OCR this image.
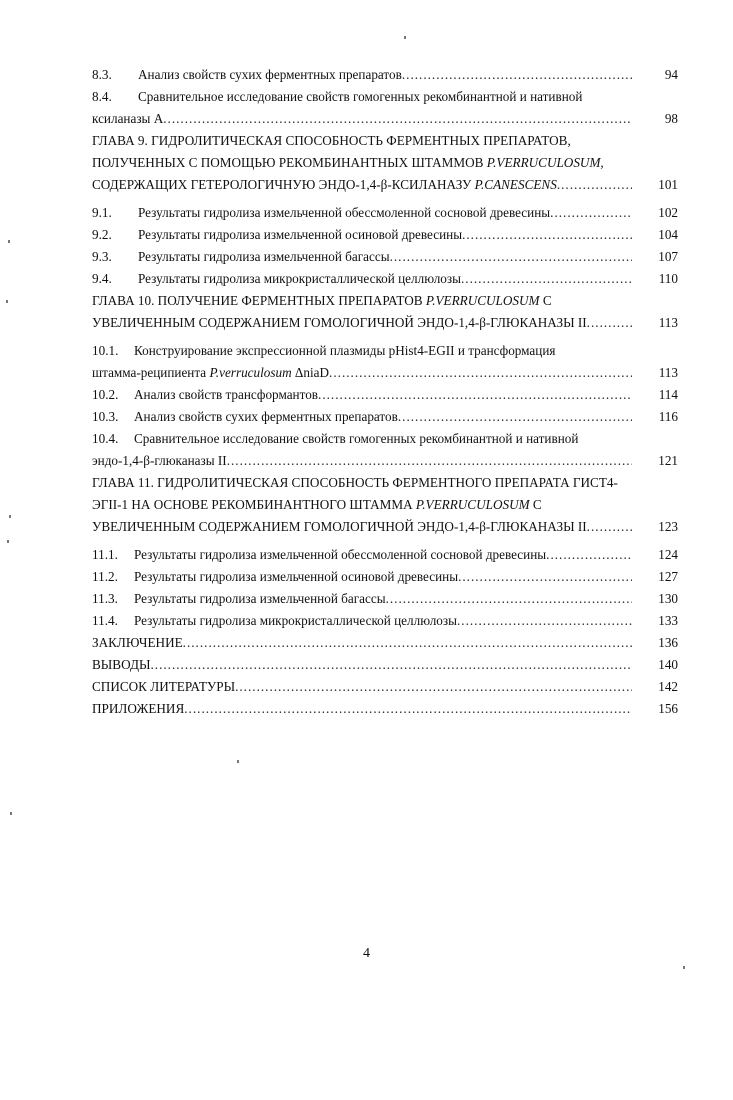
8.3. Анализ свойств сухих ферментных препаратов .....	94
8.4. Сравнительное исследование свойств гомогенных рекомбинантной и нативной
ксиланазы А .....	98
ГЛАВА 9. ГИДРОЛИТИЧЕСКАЯ СПОСОБНОСТЬ ФЕРМЕНТНЫХ ПРЕПАРАТОВ,
ПОЛУЧЕННЫХ С ПОМОЩЬЮ РЕКОМБИНАНТНЫХ ШТАММОВ P.VERRUCULOSUM,
СОДЕРЖАЩИХ ГЕТЕРОЛОГИЧНУЮ ЭНДО-1,4-β-КСИЛАНАЗУ P.CANESCENS .....	101
9.1. Результаты гидролиза измельченной обессмоленной сосновой древесины .....	102
9.2. Результаты гидролиза измельченной осиновой древесины .....	104
9.3. Результаты гидролиза измельченной багассы .....	107
9.4. Результаты гидролиза микрокристаллической целлюлозы .....	110
ГЛАВА 10. ПОЛУЧЕНИЕ ФЕРМЕНТНЫХ ПРЕПАРАТОВ P.VERRUCULOSUM С
УВЕЛИЧЕННЫМ СОДЕРЖАНИЕМ ГОМОЛОГИЧНОЙ ЭНДО-1,4-β-ГЛЮКАНАЗЫ II .....	113
10.1. Конструирование экспрессионной плазмиды pHist4-EGII и трансформация
штамма-реципиента P.verruculosum ΔniaD .....	113
10.2. Анализ свойств трансформантов .....	114
10.3. Анализ свойств сухих ферментных препаратов .....	116
10.4. Сравнительное исследование свойств гомогенных рекомбинантной и нативной
эндо-1,4-β-глюканазы II .....	121
ГЛАВА 11. ГИДРОЛИТИЧЕСКАЯ СПОСОБНОСТЬ ФЕРМЕНТНОГО ПРЕПАРАТА ГИСТ4-
ЭГII-1 НА ОСНОВЕ РЕКОМБИНАНТНОГО ШТАММА P.VERRUCULOSUM С
УВЕЛИЧЕННЫМ СОДЕРЖАНИЕМ ГОМОЛОГИЧНОЙ ЭНДО-1,4-β-ГЛЮКАНАЗЫ II .....	123
11.1. Результаты гидролиза измельченной обессмоленной сосновой древесины .....	124
11.2. Результаты гидролиза измельченной осиновой древесины .....	127
11.3. Результаты гидролиза измельченной багассы .....	130
11.4. Результаты гидролиза микрокристаллической целлюлозы .....	133
ЗАКЛЮЧЕНИЕ .....	136
ВЫВОДЫ .....	140
СПИСОК ЛИТЕРАТУРЫ .....	142
ПРИЛОЖЕНИЯ .....	156
4
